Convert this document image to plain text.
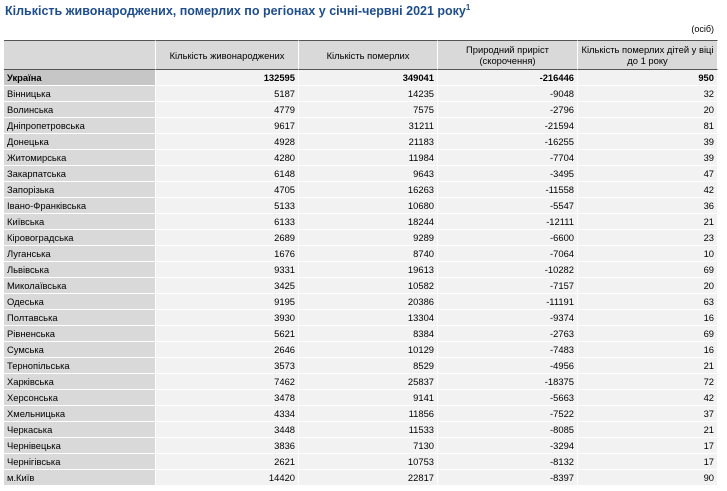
Кількість живонароджених, померлих по регіонах у січні-червні 2021 року$^1$
(осіб)
	Кількість живонароджених	Кількість померлих	Природний приріст (скорочення)	Кількість померлих дітей у віці до 1 року
Україна	132595	349041	-216446	950
Вінницька	5187	14235	-9048	32
Волинська	4779	7575	-2796	20
Дніпропетровська	9617	31211	-21594	81
Донецька	4928	21183	-16255	39
Житомирська	4280	11984	-7704	39
Закарпатська	6148	9643	-3495	47
Запорізька	4705	16263	-11558	42
Івано-Франківська	5133	10680	-5547	36
Київська	6133	18244	-12111	21
Кіровоградська	2689	9289	-6600	23
Луганська	1676	8740	-7064	10
Львівська	9331	19613	-10282	69
Миколаївська	3425	10582	-7157	20
Одеська	9195	20386	-11191	63
Полтавська	3930	13304	-9374	16
Рівненська	5621	8384	-2763	69
Сумська	2646	10129	-7483	16
Тернопільська	3573	8529	-4956	21
Харківська	7462	25837	-18375	72
Херсонська	3478	9141	-5663	42
Хмельницька	4334	11856	-7522	37
Черкаська	3448	11533	-8085	21
Чернівецька	3836	7130	-3294	17
Чернігівська	2621	10753	-8132	17
м.Київ	14420	22817	-8397	90
